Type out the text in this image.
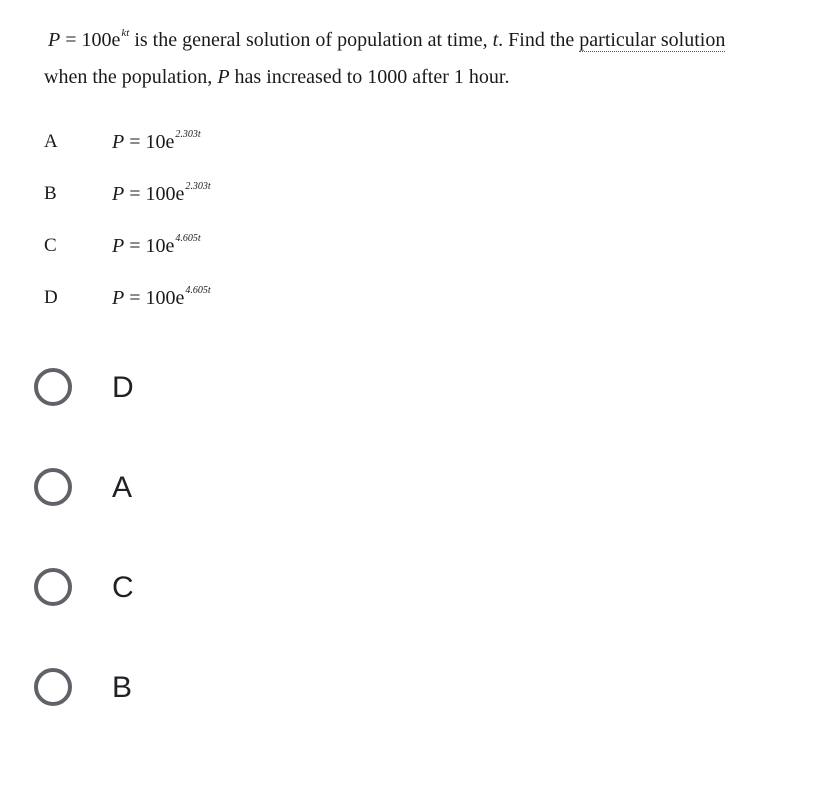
$P = 100e^{kt}$ is the general solution of population at time, t. Find the particular solution
when the population, P has increased to 1000 after 1 hour.
A	$P = 10e^{2.303t}$
B	$P = 100e^{2.303t}$
C	$P = 10e^{4.605t}$
D	$P = 100e^{4.605t}$
D
A
C
B
